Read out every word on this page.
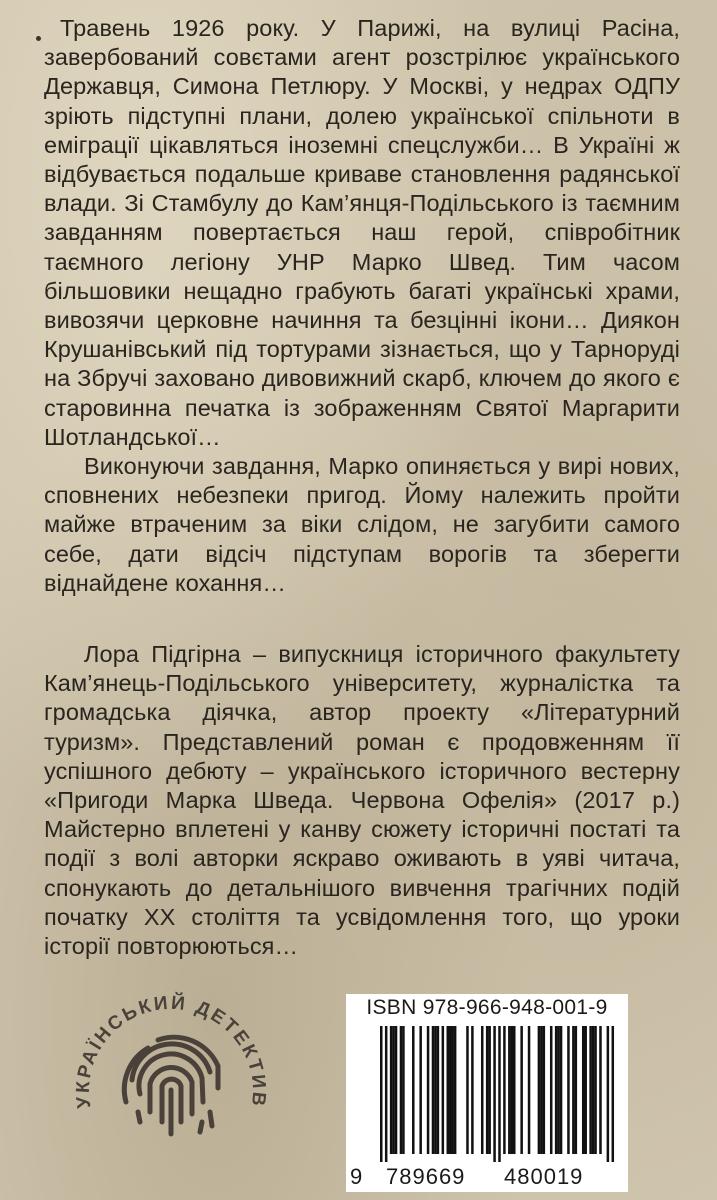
Травень 1926 року. У Парижі, на вулиці Расіна, завербований совєтами агент розстрілює українського Державця, Симона Петлюру. У Москві, у недрах ОДПУ зріють підступні плани, долею української спільноти в еміграції цікавляться іноземні спецслужби… В Україні ж відбувається подальше криваве становлення радянської влади. Зі Стамбулу до Кам’янця-Подільського із таємним завданням повертається наш герой, співробітник таємного легіону УНР Марко Швед. Тим часом більшовики нещадно грабують багаті українські храми, вивозячи церковне начиння та безцінні ікони… Диякон Крушанівський під тортурами зізнається, що у Тарноруді на Збручі заховано дивовижний скарб, ключем до якого є старовинна печатка із зображенням Святої Маргарити Шотландської…

Виконуючи завдання, Марко опиняється у вирі нових, сповнених небезпеки пригод. Йому належить пройти майже втраченим за віки слідом, не загубити самого себе, дати відсіч підступам ворогів та зберегти віднайдене кохання…

Лора Підгірна – випускниця історичного факультету Кам’янець-Подільського університету, журналістка та громадська діячка, автор проекту «Літературний туризм». Представлений роман є продовженням її успішного дебюту – українського історичного вестерну «Пригоди Марка Шведа. Червона Офелія» (2017 р.) Майстерно вплетені у канву сюжету історичні постаті та події з волі авторки яскраво оживають в уяві читача, спонукають до детальнішого вивчення трагічних подій початку XX століття та усвідомлення того, що уроки історії повторюються…

УКРАЇНСЬКИЙ ДЕТЕКТИВ
ISBN 978-966-948-001-9
9 789669 480019
